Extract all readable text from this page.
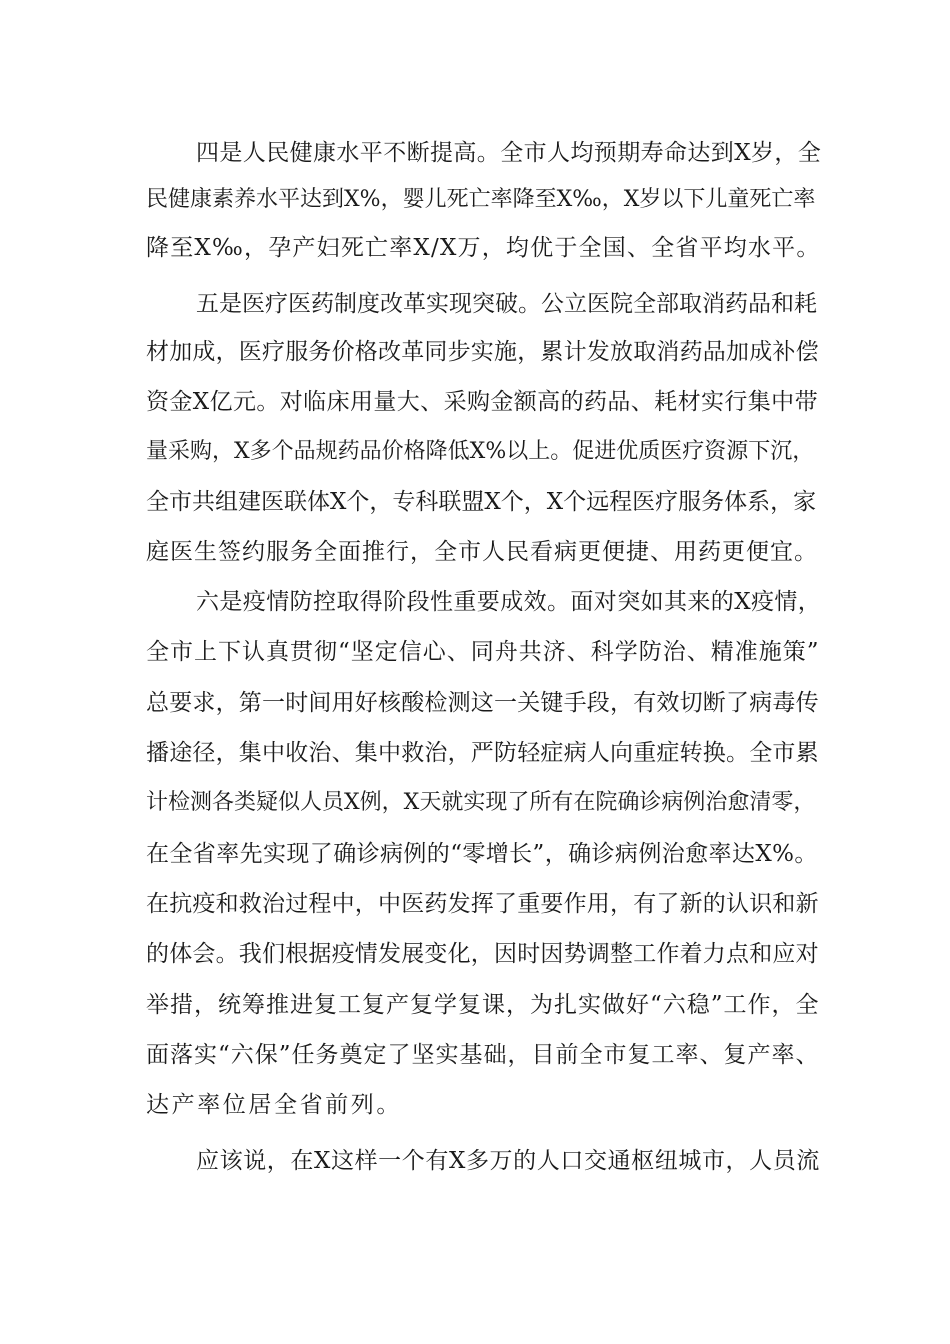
四是人民健康水平不断提高。全市人均预期寿命达到X岁，全

民健康素养水平达到X%，婴儿死亡率降至X‰，X岁以下儿童死亡率

降至X‰，孕产妇死亡率X/X万，均优于全国、全省平均水平。

五是医疗医药制度改革实现突破。公立医院全部取消药品和耗

材加成，医疗服务价格改革同步实施，累计发放取消药品加成补偿

资金X亿元。对临床用量大、采购金额高的药品、耗材实行集中带

量采购，X多个品规药品价格降低X%以上。促进优质医疗资源下沉，

全市共组建医联体X个，专科联盟X个，X个远程医疗服务体系，家

庭医生签约服务全面推行，全市人民看病更便捷、用药更便宜。

六是疫情防控取得阶段性重要成效。面对突如其来的X疫情，

全市上下认真贯彻“坚定信心、同舟共济、科学防治、精准施策”

总要求，第一时间用好核酸检测这一关键手段，有效切断了病毒传

播途径，集中收治、集中救治，严防轻症病人向重症转换。全市累

计检测各类疑似人员X例，X天就实现了所有在院确诊病例治愈清零，

在全省率先实现了确诊病例的“零增长”，确诊病例治愈率达X%。

在抗疫和救治过程中，中医药发挥了重要作用，有了新的认识和新

的体会。我们根据疫情发展变化，因时因势调整工作着力点和应对

举措，统筹推进复工复产复学复课，为扎实做好“六稳”工作，全

面落实“六保”任务奠定了坚实基础，目前全市复工率、复产率、

达产率位居全省前列。

应该说，在X这样一个有X多万的人口交通枢纽城市，人员流
